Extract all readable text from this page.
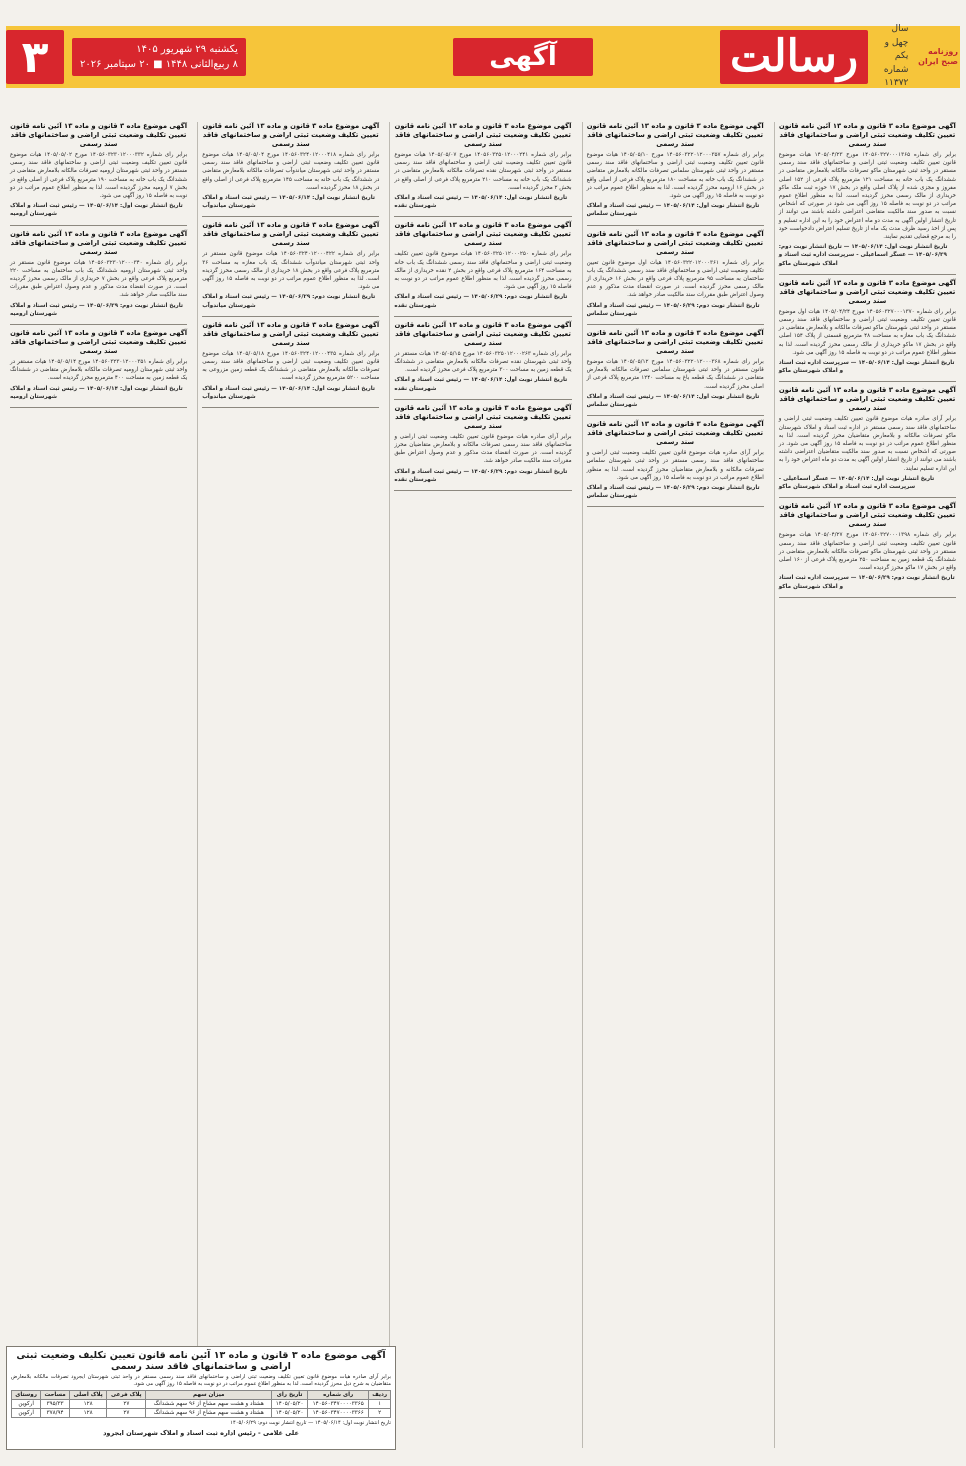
روزنامه صبح ایران
سال چهل و یکم
شماره ۱۱۳۷۲
رسالت
آگهی
یکشنبه ۲۹ شهریور ۱۴۰۵
۸ ربیع‌الثانی ۱۴۴۸ ■ ۲۰ سپتامبر ۲۰۲۶
۳
آگهی موضوع ماده ۳ قانون و ماده ۱۳ آئین نامه قانون تعیین تکلیف وضعیت ثبتی اراضی و ساختمانهای فاقد سند رسمی

برابر رای شماره ۱۴۰۵۶۰۳۲۷۰۰۰۱۳۶۵ مورخ ۱۴۰۵/۰۴/۲۳ هیات موضوع قانون تعیین تکلیف وضعیت ثبتی اراضی و ساختمانهای فاقد سند رسمی مستقر در واحد ثبتی شهرستان ماکو تصرفات مالکانه بلامعارض متقاضی در ششدانگ یک باب خانه به مساحت ۱۲۱ مترمربع پلاک فرعی از ۱۵۲ اصلی مفروز و مجزی شده از پلاک اصلی واقع در بخش ۱۷ حوزه ثبت ملک ماکو خریداری از مالک رسمی محرز گردیده است. لذا به منظور اطلاع عموم مراتب در دو نوبت به فاصله ۱۵ روز آگهی می شود در صورتی که اشخاص نسبت به صدور سند مالکیت متقاضی اعتراضی داشته باشند می توانند از تاریخ انتشار اولین آگهی به مدت دو ماه اعتراض خود را به این اداره تسلیم و پس از اخذ رسید ظرف مدت یک ماه از تاریخ تسلیم اعتراض دادخواست خود را به مرجع قضایی تقدیم نمایند.

تاریخ انتشار نوبت اول: ۱۴۰۵/۰۶/۱۴ — تاریخ انتشار نوبت دوم: ۱۴۰۵/۰۶/۲۹ — عسگر اسماعیلی - سرپرست اداره ثبت اسناد و املاک شهرستان ماکو

آگهی موضوع ماده ۳ قانون و ماده ۱۳ آئین نامه قانون تعیین تکلیف وضعیت ثبتی اراضی و ساختمانهای فاقد سند رسمی

برابر رای شماره ۱۴۰۵۶۰۳۲۷۰۰۰۱۳۷۰ مورخ ۱۴۰۵/۰۴/۲۴ هیات اول موضوع قانون تعیین تکلیف وضعیت ثبتی اراضی و ساختمانهای فاقد سند رسمی مستقر در واحد ثبتی شهرستان ماکو تصرفات مالکانه و بلامعارض متقاضی در ششدانگ یک باب مغازه به مساحت ۴۸ مترمربع قسمتی از پلاک ۱۵۴ اصلی واقع در بخش ۱۷ ماکو خریداری از مالک رسمی محرز گردیده است. لذا به منظور اطلاع عموم مراتب در دو نوبت به فاصله ۱۵ روز آگهی می شود.

تاریخ انتشار نوبت اول: ۱۴۰۵/۰۶/۱۴ — سرپرست اداره ثبت اسناد و املاک شهرستان ماکو

آگهی موضوع ماده ۳ قانون و ماده ۱۳ آئین نامه قانون تعیین تکلیف وضعیت ثبتی اراضی و ساختمانهای فاقد سند رسمی

برابر آرای صادره هیات موضوع قانون تعیین تکلیف وضعیت ثبتی اراضی و ساختمانهای فاقد سند رسمی مستقر در اداره ثبت اسناد و املاک شهرستان ماکو تصرفات مالکانه و بلامعارض متقاضیان محرز گردیده است. لذا به منظور اطلاع عموم مراتب در دو نوبت به فاصله ۱۵ روز آگهی می شود. در صورتی که اشخاص نسبت به صدور سند مالکیت متقاضیان اعتراضی داشته باشند می توانند از تاریخ انتشار اولین آگهی به مدت دو ماه اعتراض خود را به این اداره تسلیم نمایند.

تاریخ انتشار نوبت اول: ۱۴۰۵/۰۶/۱۴ — عسگر اسماعیلی - سرپرست اداره ثبت اسناد و املاک شهرستان ماکو

آگهی موضوع ماده ۳ قانون و ماده ۱۳ آئین نامه قانون تعیین تکلیف وضعیت ثبتی اراضی و ساختمانهای فاقد سند رسمی

برابر رای شماره ۱۴۰۵۶۰۳۲۷۰۰۰۱۳۹۸ مورخ ۱۴۰۵/۰۴/۲۷ هیات موضوع قانون تعیین تکلیف وضعیت ثبتی اراضی و ساختمانهای فاقد سند رسمی مستقر در واحد ثبتی شهرستان ماکو تصرفات مالکانه بلامعارض متقاضی در ششدانگ یک قطعه زمین به مساحت ۲۵۰ مترمربع پلاک فرعی از ۱۶۰ اصلی واقع در بخش ۱۷ ماکو محرز گردیده است.

تاریخ انتشار نوبت دوم: ۱۴۰۵/۰۶/۲۹ — سرپرست اداره ثبت اسناد و املاک شهرستان ماکو

آگهی موضوع ماده ۳ قانون و ماده ۱۳ آئین نامه قانون تعیین تکلیف وضعیت ثبتی اراضی و ساختمانهای فاقد سند رسمی

برابر رای شماره ۱۴۰۵۶۰۳۲۲۰۱۲۰۰۰۳۵۷ مورخ ۱۴۰۵/۰۵/۱۰ هیات موضوع قانون تعیین تکلیف وضعیت ثبتی اراضی و ساختمانهای فاقد سند رسمی مستقر در واحد ثبتی شهرستان سلماس تصرفات مالکانه بلامعارض متقاضی در ششدانگ یک باب خانه به مساحت ۱۸۰ مترمربع پلاک فرعی از اصلی واقع در بخش ۱۶ ارومیه محرز گردیده است. لذا به منظور اطلاع عموم مراتب در دو نوبت به فاصله ۱۵ روز آگهی می شود.

تاریخ انتشار نوبت اول: ۱۴۰۵/۰۶/۱۴ — رئیس ثبت اسناد و املاک شهرستان سلماس

آگهی موضوع ماده ۳ قانون و ماده ۱۳ آئین نامه قانون تعیین تکلیف وضعیت ثبتی اراضی و ساختمانهای فاقد سند رسمی

برابر رای شماره ۱۴۰۵۶۰۳۲۲۰۱۲۰۰۰۳۶۱ هیات اول موضوع قانون تعیین تکلیف وضعیت ثبتی اراضی و ساختمانهای فاقد سند رسمی ششدانگ یک باب ساختمان به مساحت ۹۵ مترمربع پلاک فرعی واقع در بخش ۱۶ خریداری از مالک رسمی محرز گردیده است. در صورت انقضاء مدت مذکور و عدم وصول اعتراض طبق مقررات سند مالکیت صادر خواهد شد.

تاریخ انتشار نوبت دوم: ۱۴۰۵/۰۶/۲۹ — رئیس ثبت اسناد و املاک شهرستان سلماس

آگهی موضوع ماده ۳ قانون و ماده ۱۳ آئین نامه قانون تعیین تکلیف وضعیت ثبتی اراضی و ساختمانهای فاقد سند رسمی

برابر رای شماره ۱۴۰۵۶۰۳۲۲۰۱۲۰۰۰۳۶۸ مورخ ۱۴۰۵/۰۵/۱۲ هیات موضوع قانون مستقر در واحد ثبتی شهرستان سلماس تصرفات مالکانه بلامعارض متقاضی در ششدانگ یک قطعه باغ به مساحت ۱۲۴۰ مترمربع پلاک فرعی از اصلی محرز گردیده است.

تاریخ انتشار نوبت اول: ۱۴۰۵/۰۶/۱۴ — رئیس ثبت اسناد و املاک شهرستان سلماس

آگهی موضوع ماده ۳ قانون و ماده ۱۳ آئین نامه قانون تعیین تکلیف وضعیت ثبتی اراضی و ساختمانهای فاقد سند رسمی

برابر آرای صادره هیات موضوع قانون تعیین تکلیف وضعیت ثبتی اراضی و ساختمانهای فاقد سند رسمی مستقر در واحد ثبتی شهرستان سلماس تصرفات مالکانه و بلامعارض متقاضیان محرز گردیده است. لذا به منظور اطلاع عموم مراتب در دو نوبت به فاصله ۱۵ روز آگهی می شود.

تاریخ انتشار نوبت دوم: ۱۴۰۵/۰۶/۲۹ — رئیس ثبت اسناد و املاک شهرستان سلماس

آگهی موضوع ماده ۳ قانون و ماده ۱۳ آئین نامه قانون تعیین تکلیف وضعیت ثبتی اراضی و ساختمانهای فاقد سند رسمی

برابر رای شماره ۱۴۰۵۶۰۳۲۵۰۱۲۰۰۰۲۴۱ مورخ ۱۴۰۵/۰۵/۰۷ هیات موضوع قانون تعیین تکلیف وضعیت ثبتی اراضی و ساختمانهای فاقد سند رسمی مستقر در واحد ثبتی شهرستان نقده تصرفات مالکانه بلامعارض متقاضی در ششدانگ یک باب خانه به مساحت ۲۱۰ مترمربع پلاک فرعی از اصلی واقع در بخش ۲ محرز گردیده است.

تاریخ انتشار نوبت اول: ۱۴۰۵/۰۶/۱۴ — رئیس ثبت اسناد و املاک شهرستان نقده

آگهی موضوع ماده ۳ قانون و ماده ۱۳ آئین نامه قانون تعیین تکلیف وضعیت ثبتی اراضی و ساختمانهای فاقد سند رسمی

برابر رای شماره ۱۴۰۵۶۰۳۲۵۰۱۲۰۰۰۲۵۰ هیات موضوع قانون تعیین تکلیف وضعیت ثبتی اراضی و ساختمانهای فاقد سند رسمی ششدانگ یک باب خانه به مساحت ۱۶۴ مترمربع پلاک فرعی واقع در بخش ۲ نقده خریداری از مالک رسمی محرز گردیده است. لذا به منظور اطلاع عموم مراتب در دو نوبت به فاصله ۱۵ روز آگهی می شود.

تاریخ انتشار نوبت دوم: ۱۴۰۵/۰۶/۲۹ — رئیس ثبت اسناد و املاک شهرستان نقده

آگهی موضوع ماده ۳ قانون و ماده ۱۳ آئین نامه قانون تعیین تکلیف وضعیت ثبتی اراضی و ساختمانهای فاقد سند رسمی

برابر رای شماره ۱۴۰۵۶۰۳۲۵۰۱۲۰۰۰۲۶۳ مورخ ۱۴۰۵/۰۵/۱۵ هیات مستقر در واحد ثبتی شهرستان نقده تصرفات مالکانه بلامعارض متقاضی در ششدانگ یک قطعه زمین به مساحت ۳۰۰ مترمربع پلاک فرعی محرز گردیده است.

تاریخ انتشار نوبت اول: ۱۴۰۵/۰۶/۱۴ — رئیس ثبت اسناد و املاک شهرستان نقده

آگهی موضوع ماده ۳ قانون و ماده ۱۳ آئین نامه قانون تعیین تکلیف وضعیت ثبتی اراضی و ساختمانهای فاقد سند رسمی

برابر آرای صادره هیات موضوع قانون تعیین تکلیف وضعیت ثبتی اراضی و ساختمانهای فاقد سند رسمی تصرفات مالکانه و بلامعارض متقاضیان محرز گردیده است. در صورت انقضاء مدت مذکور و عدم وصول اعتراض طبق مقررات سند مالکیت صادر خواهد شد.

تاریخ انتشار نوبت دوم: ۱۴۰۵/۰۶/۲۹ — رئیس ثبت اسناد و املاک شهرستان نقده

آگهی موضوع ماده ۳ قانون و ماده ۱۳ آئین نامه قانون تعیین تکلیف وضعیت ثبتی اراضی و ساختمانهای فاقد سند رسمی

برابر رای شماره ۱۴۰۵۶۰۳۲۴۰۱۲۰۰۰۴۱۸ مورخ ۱۴۰۵/۰۵/۰۴ هیات موضوع قانون تعیین تکلیف وضعیت ثبتی اراضی و ساختمانهای فاقد سند رسمی مستقر در واحد ثبتی شهرستان میاندوآب تصرفات مالکانه بلامعارض متقاضی در ششدانگ یک باب خانه به مساحت ۱۴۵ مترمربع پلاک فرعی از اصلی واقع در بخش ۱۸ محرز گردیده است.

تاریخ انتشار نوبت اول: ۱۴۰۵/۰۶/۱۴ — رئیس ثبت اسناد و املاک شهرستان میاندوآب

آگهی موضوع ماده ۳ قانون و ماده ۱۳ آئین نامه قانون تعیین تکلیف وضعیت ثبتی اراضی و ساختمانهای فاقد سند رسمی

برابر رای شماره ۱۴۰۵۶۰۳۲۴۰۱۲۰۰۰۴۲۲ هیات موضوع قانون مستقر در واحد ثبتی شهرستان میاندوآب ششدانگ یک باب مغازه به مساحت ۳۶ مترمربع پلاک فرعی واقع در بخش ۱۸ خریداری از مالک رسمی محرز گردیده است. لذا به منظور اطلاع عموم مراتب در دو نوبت به فاصله ۱۵ روز آگهی می شود.

تاریخ انتشار نوبت دوم: ۱۴۰۵/۰۶/۲۹ — رئیس ثبت اسناد و املاک شهرستان میاندوآب

آگهی موضوع ماده ۳ قانون و ماده ۱۳ آئین نامه قانون تعیین تکلیف وضعیت ثبتی اراضی و ساختمانهای فاقد سند رسمی

برابر رای شماره ۱۴۰۵۶۰۳۲۴۰۱۲۰۰۰۴۳۵ مورخ ۱۴۰۵/۰۵/۱۸ هیات موضوع قانون تعیین تکلیف وضعیت ثبتی اراضی و ساختمانهای فاقد سند رسمی تصرفات مالکانه بلامعارض متقاضی در ششدانگ یک قطعه زمین مزروعی به مساحت ۵۲۰۰ مترمربع محرز گردیده است.

تاریخ انتشار نوبت اول: ۱۴۰۵/۰۶/۱۴ — رئیس ثبت اسناد و املاک شهرستان میاندوآب

آگهی موضوع ماده ۳ قانون و ماده ۱۳ آئین نامه قانون تعیین تکلیف وضعیت ثبتی اراضی و ساختمانهای فاقد سند رسمی

برابر رای شماره ۱۴۰۵۶۰۳۲۳۰۱۲۰۰۰۳۳۲ مورخ ۱۴۰۵/۰۵/۰۲ هیات موضوع قانون تعیین تکلیف وضعیت ثبتی اراضی و ساختمانهای فاقد سند رسمی مستقر در واحد ثبتی شهرستان ارومیه تصرفات مالکانه بلامعارض متقاضی در ششدانگ یک باب خانه به مساحت ۱۹۰ مترمربع پلاک فرعی از اصلی واقع در بخش ۷ ارومیه محرز گردیده است. لذا به منظور اطلاع عموم مراتب در دو نوبت به فاصله ۱۵ روز آگهی می شود.

تاریخ انتشار نوبت اول: ۱۴۰۵/۰۶/۱۴ — رئیس ثبت اسناد و املاک شهرستان ارومیه

آگهی موضوع ماده ۳ قانون و ماده ۱۳ آئین نامه قانون تعیین تکلیف وضعیت ثبتی اراضی و ساختمانهای فاقد سند رسمی

برابر رای شماره ۱۴۰۵۶۰۳۲۳۰۱۲۰۰۰۳۴۰ هیات موضوع قانون مستقر در واحد ثبتی شهرستان ارومیه ششدانگ یک باب ساختمان به مساحت ۲۲۰ مترمربع پلاک فرعی واقع در بخش ۷ خریداری از مالک رسمی محرز گردیده است. در صورت انقضاء مدت مذکور و عدم وصول اعتراض طبق مقررات سند مالکیت صادر خواهد شد.

تاریخ انتشار نوبت دوم: ۱۴۰۵/۰۶/۲۹ — رئیس ثبت اسناد و املاک شهرستان ارومیه

آگهی موضوع ماده ۳ قانون و ماده ۱۳ آئین نامه قانون تعیین تکلیف وضعیت ثبتی اراضی و ساختمانهای فاقد سند رسمی

برابر رای شماره ۱۴۰۵۶۰۳۲۳۰۱۲۰۰۰۳۵۱ مورخ ۱۴۰۵/۰۵/۱۴ هیات مستقر در واحد ثبتی شهرستان ارومیه تصرفات مالکانه بلامعارض متقاضی در ششدانگ یک قطعه زمین به مساحت ۴۰۰ مترمربع محرز گردیده است.

تاریخ انتشار نوبت اول: ۱۴۰۵/۰۶/۱۴ — رئیس ثبت اسناد و املاک شهرستان ارومیه

آگهی موضوع ماده ۳ قانون و ماده ۱۳ آئین نامه قانون تعیین تکلیف وضعیت ثبتی اراضی و ساختمانهای فاقد سند رسمی
برابر آرای صادره هیات موضوع قانون تعیین تکلیف وضعیت ثبتی اراضی و ساختمانهای فاقد سند رسمی مستقر در واحد ثبتی شهرستان ایجرود تصرفات مالکانه بلامعارض متقاضیان به شرح ذیل محرز گردیده است. لذا به منظور اطلاع عموم مراتب در دو نوبت به فاصله ۱۵ روز آگهی می شود.
ردیف	رای شماره	تاریخ رای	میزان سهم	پلاک فرعی	پلاک اصلی	مساحت	روستای
۱	۱۴۰۵۶۰۳۴۷۰۰۰۰۳۳۶۵	۱۴۰۵/۰۵/۲۰	هشتاد و هشت سهم مشاع از ۹۶ سهم ششدانگ	۲۷	۱۲۸	۳۹۵/۳۳	ارکوین
۲	۱۴۰۵۶۰۳۴۷۰۰۰۰۳۳۶۶	۱۴۰۵/۰۵/۲۰	هشتاد و هشت سهم مشاع از ۹۶ سهم ششدانگ	۲۷	۱۲۸	۳۷۸/۹۴	ارکوین
تاریخ انتشار نوبت اول: ۱۴۰۵/۰۶/۱۴ — تاریخ انتشار نوبت دوم: ۱۴۰۵/۰۶/۲۹
علی غلامی - رئیس اداره ثبت اسناد و املاک شهرستان ایجرود
